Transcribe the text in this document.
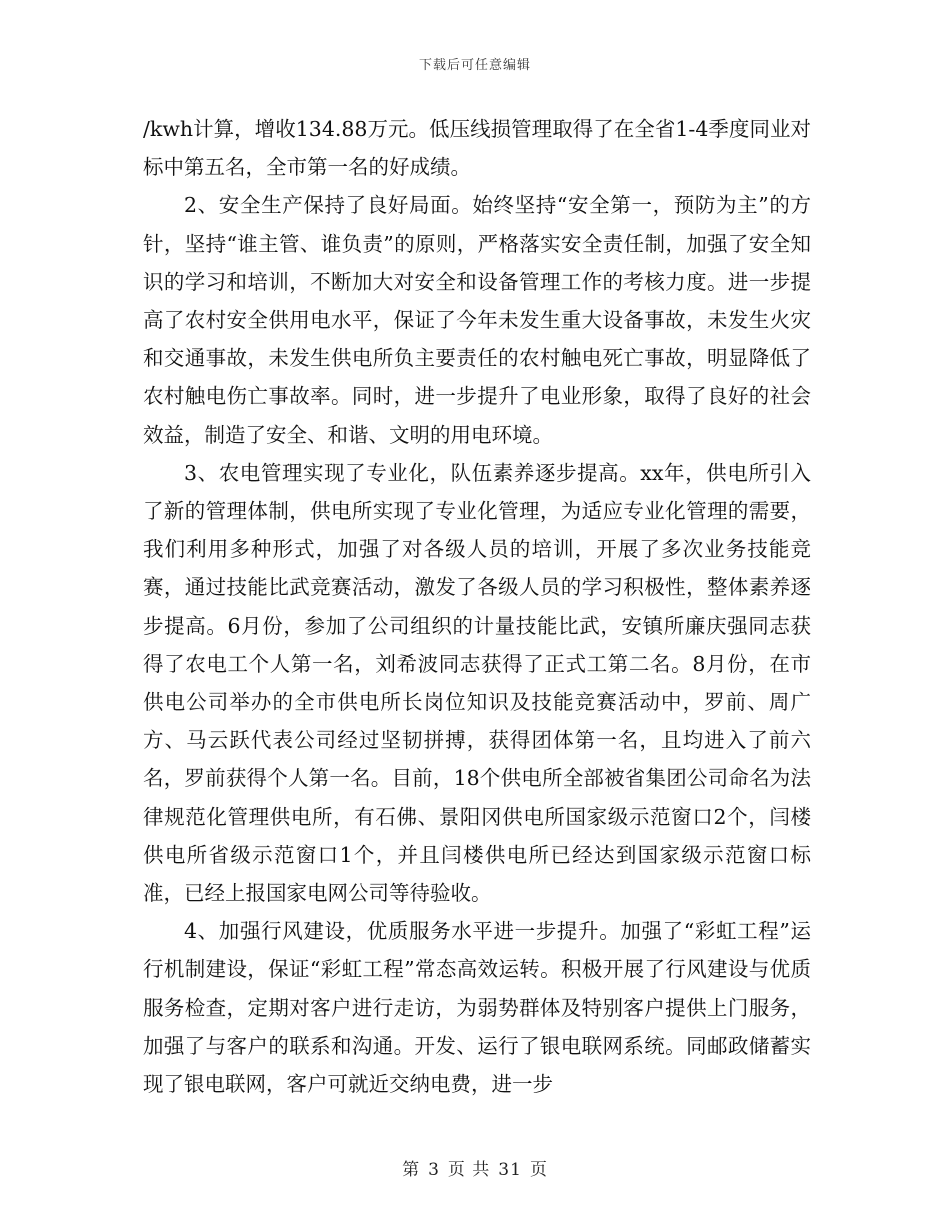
下载后可任意编辑

/kwh计算，增收134.88万元。低压线损管理取得了在全省1-4季度同业对标中第五名，全市第一名的好成绩。

2、安全生产保持了良好局面。始终坚持“安全第一，预防为主”的方针，坚持“谁主管、谁负责”的原则，严格落实安全责任制，加强了安全知识的学习和培训，不断加大对安全和设备管理工作的考核力度。进一步提高了农村安全供用电水平，保证了今年未发生重大设备事故，未发生火灾和交通事故，未发生供电所负主要责任的农村触电死亡事故，明显降低了农村触电伤亡事故率。同时，进一步提升了电业形象，取得了良好的社会效益，制造了安全、和谐、文明的用电环境。

3、农电管理实现了专业化，队伍素养逐步提高。xx年，供电所引入了新的管理体制，供电所实现了专业化管理，为适应专业化管理的需要，我们利用多种形式，加强了对各级人员的培训，开展了多次业务技能竞赛，通过技能比武竞赛活动，激发了各级人员的学习积极性，整体素养逐步提高。6月份，参加了公司组织的计量技能比武，安镇所廉庆强同志获得了农电工个人第一名，刘希波同志获得了正式工第二名。8月份，在市供电公司举办的全市供电所长岗位知识及技能竞赛活动中，罗前、周广方、马云跃代表公司经过坚韧拼搏，获得团体第一名，且均进入了前六名，罗前获得个人第一名。目前，18个供电所全部被省集团公司命名为法律规范化管理供电所，有石佛、景阳冈供电所国家级示范窗口2个，闫楼供电所省级示范窗口1个，并且闫楼供电所已经达到国家级示范窗口标准，已经上报国家电网公司等待验收。

4、加强行风建设，优质服务水平进一步提升。加强了“彩虹工程”运行机制建设，保证“彩虹工程”常态高效运转。积极开展了行风建设与优质服务检查，定期对客户进行走访，为弱势群体及特别客户提供上门服务，加强了与客户的联系和沟通。开发、运行了银电联网系统。同邮政储蓄实现了银电联网，客户可就近交纳电费，进一步

第 3 页 共 31 页
